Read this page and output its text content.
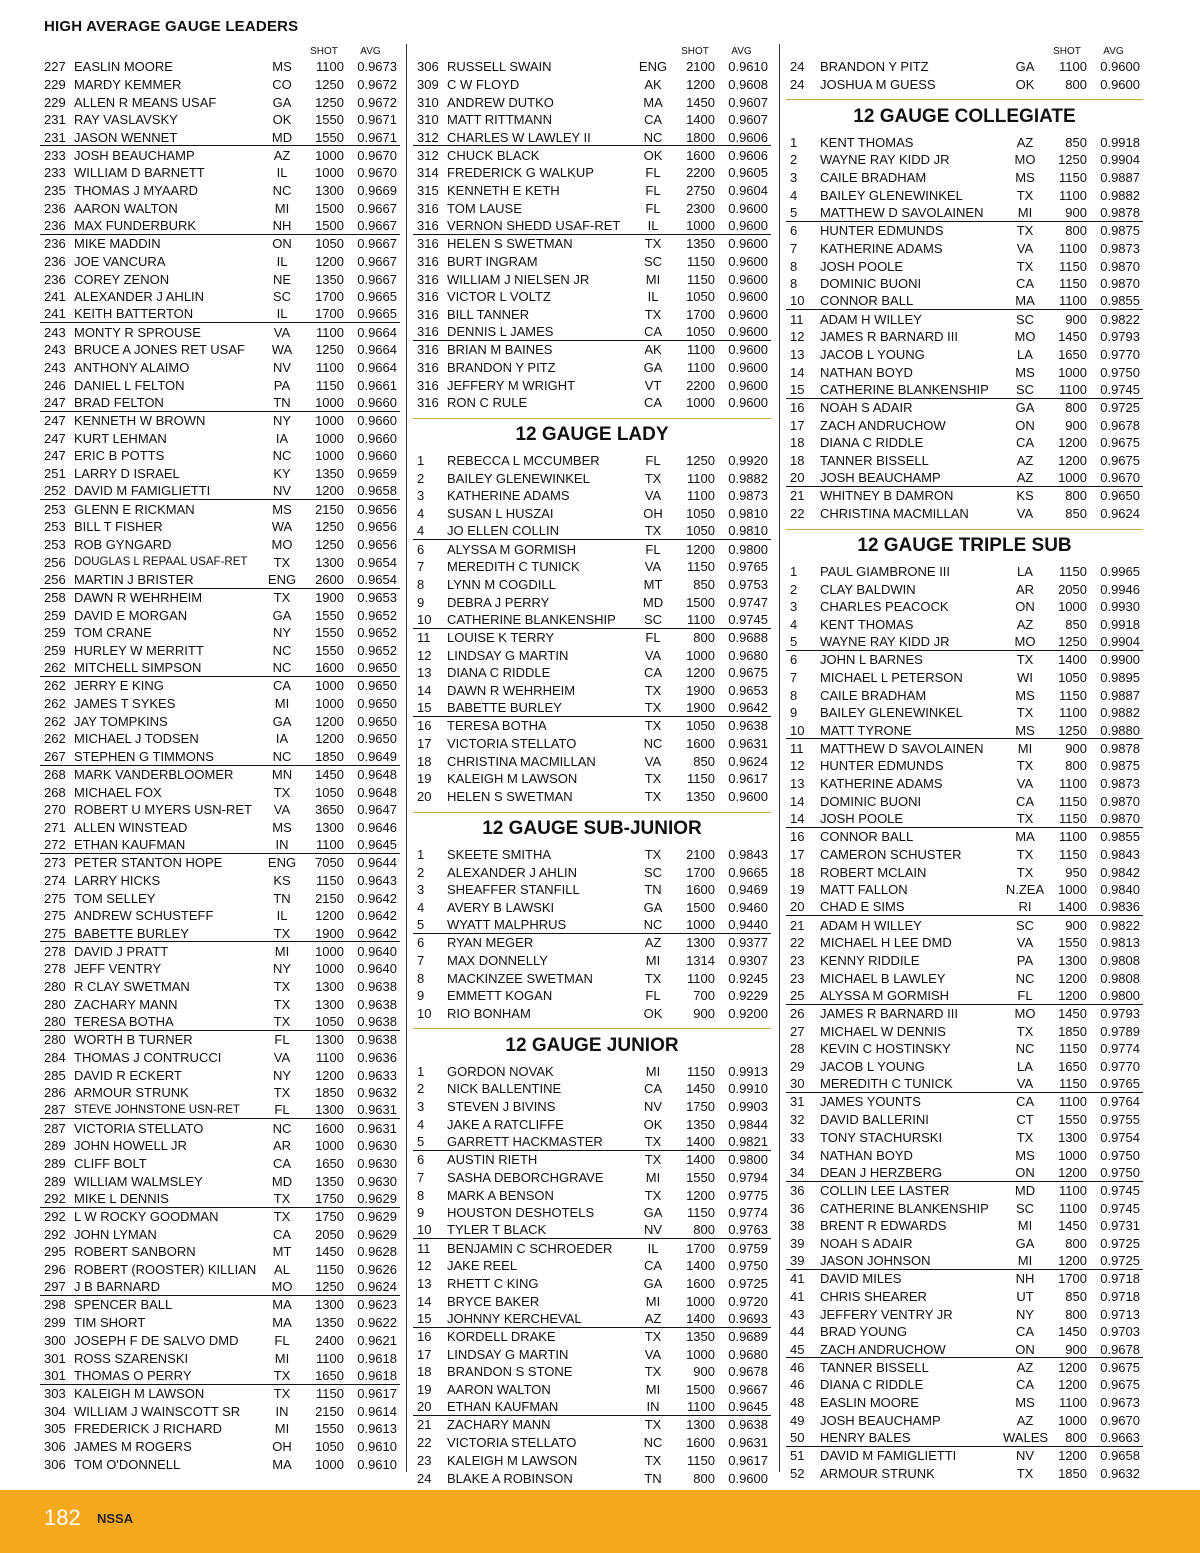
HIGH AVERAGE GAUGE LEADERS
SHOT	AVG
227 EASLIN MOORE	MS	1100	0.9673
229 MARDY KEMMER	CO	1250	0.9672
229 ALLEN R MEANS USAF	GA	1250	0.9672
231 RAY VASLAVSKY	OK	1550	0.9671
231 JASON WENNET	MD	1550	0.9671
233 JOSH BEAUCHAMP	AZ	1000	0.9670
233 WILLIAM D BARNETT	IL	1000	0.9670
235 THOMAS J MYAARD	NC	1300	0.9669
236 AARON WALTON	MI	1500	0.9667
236 MAX FUNDERBURK	NH	1500	0.9667
236 MIKE MADDIN	ON	1050	0.9667
236 JOE VANCURA	IL	1200	0.9667
236 COREY ZENON	NE	1350	0.9667
241 ALEXANDER J AHLIN	SC	1700	0.9665
241 KEITH BATTERTON	IL	1700	0.9665
243 MONTY R SPROUSE	VA	1100	0.9664
243 BRUCE A JONES RET USAF	WA	1250	0.9664
243 ANTHONY ALAIMO	NV	1100	0.9664
246 DANIEL L FELTON	PA	1150	0.9661
247 BRAD FELTON	TN	1000	0.9660
247 KENNETH W BROWN	NY	1000	0.9660
247 KURT LEHMAN	IA	1000	0.9660
247 ERIC B POTTS	NC	1000	0.9660
251 LARRY D ISRAEL	KY	1350	0.9659
252 DAVID M FAMIGLIETTI	NV	1200	0.9658
253 GLENN E RICKMAN	MS	2150	0.9656
253 BILL T FISHER	WA	1250	0.9656
253 ROB GYNGARD	MO	1250	0.9656
256 DOUGLAS L REPAAL USAF-RET	TX	1300	0.9654
256 MARTIN J BRISTER	ENG	2600	0.9654
258 DAWN R WEHRHEIM	TX	1900	0.9653
259 DAVID E MORGAN	GA	1550	0.9652
259 TOM CRANE	NY	1550	0.9652
259 HURLEY W MERRITT	NC	1550	0.9652
262 MITCHELL SIMPSON	NC	1600	0.9650
262 JERRY E KING	CA	1000	0.9650
262 JAMES T SYKES	MI	1000	0.9650
262 JAY TOMPKINS	GA	1200	0.9650
262 MICHAEL J TODSEN	IA	1200	0.9650
267 STEPHEN G TIMMONS	NC	1850	0.9649
268 MARK VANDERBLOOMER	MN	1450	0.9648
268 MICHAEL FOX	TX	1050	0.9648
270 ROBERT U MYERS USN-RET	VA	3650	0.9647
271 ALLEN WINSTEAD	MS	1300	0.9646
272 ETHAN KAUFMAN	IN	1100	0.9645
273 PETER STANTON HOPE	ENG	7050	0.9644
274 LARRY HICKS	KS	1150	0.9643
275 TOM SELLEY	TN	2150	0.9642
275 ANDREW SCHUSTEFF	IL	1200	0.9642
275 BABETTE BURLEY	TX	1900	0.9642
278 DAVID J PRATT	MI	1000	0.9640
278 JEFF VENTRY	NY	1000	0.9640
280 R CLAY SWETMAN	TX	1300	0.9638
280 ZACHARY MANN	TX	1300	0.9638
280 TERESA BOTHA	TX	1050	0.9638
280 WORTH B TURNER	FL	1300	0.9638
284 THOMAS J CONTRUCCI	VA	1100	0.9636
285 DAVID R ECKERT	NY	1200	0.9633
286 ARMOUR STRUNK	TX	1850	0.9632
287 STEVE JOHNSTONE USN-RET	FL	1300	0.9631
287 VICTORIA STELLATO	NC	1600	0.9631
289 JOHN HOWELL JR	AR	1000	0.9630
289 CLIFF BOLT	CA	1650	0.9630
289 WILLIAM WALMSLEY	MD	1350	0.9630
292 MIKE L DENNIS	TX	1750	0.9629
292 L W ROCKY GOODMAN	TX	1750	0.9629
292 JOHN LYMAN	CA	2050	0.9629
295 ROBERT SANBORN	MT	1450	0.9628
296 ROBERT (ROOSTER) KILLIAN	AL	1150	0.9626
297 J B BARNARD	MO	1250	0.9624
298 SPENCER BALL	MA	1300	0.9623
299 TIM SHORT	MA	1350	0.9622
300 JOSEPH F DE SALVO DMD	FL	2400	0.9621
301 ROSS SZARENSKI	MI	1100	0.9618
301 THOMAS O PERRY	TX	1650	0.9618
303 KALEIGH M LAWSON	TX	1150	0.9617
304 WILLIAM J WAINSCOTT SR	IN	2150	0.9614
305 FREDERICK J RICHARD	MI	1550	0.9613
306 JAMES M ROGERS	OH	1050	0.9610
306 TOM O'DONNELL	MA	1000	0.9610
SHOT	AVG
306 RUSSELL SWAIN	ENG	2100	0.9610
309 C W FLOYD	AK	1200	0.9608
310 ANDREW DUTKO	MA	1450	0.9607
310 MATT RITTMANN	CA	1400	0.9607
312 CHARLES W LAWLEY II	NC	1800	0.9606
312 CHUCK BLACK	OK	1600	0.9606
314 FREDERICK G WALKUP	FL	2200	0.9605
315 KENNETH E KETH	FL	2750	0.9604
316 TOM LAUSE	FL	2300	0.9600
316 VERNON SHEDD USAF-RET	IL	1000	0.9600
316 HELEN S SWETMAN	TX	1350	0.9600
316 BURT INGRAM	SC	1150	0.9600
316 WILLIAM J NIELSEN JR	MI	1150	0.9600
316 VICTOR L VOLTZ	IL	1050	0.9600
316 BILL TANNER	TX	1700	0.9600
316 DENNIS L JAMES	CA	1050	0.9600
316 BRIAN M BAINES	AK	1100	0.9600
316 BRANDON Y PITZ	GA	1100	0.9600
316 JEFFERY M WRIGHT	VT	2200	0.9600
316 RON C RULE	CA	1000	0.9600
12 GAUGE LADY
1	REBECCA L MCCUMBER	FL	1250	0.9920
2	BAILEY GLENEWINKEL	TX	1100	0.9882
3	KATHERINE ADAMS	VA	1100	0.9873
4	SUSAN L HUSZAI	OH	1050	0.9810
4	JO ELLEN COLLIN	TX	1050	0.9810
6	ALYSSA M GORMISH	FL	1200	0.9800
7	MEREDITH C TUNICK	VA	1150	0.9765
8	LYNN M COGDILL	MT	850	0.9753
9	DEBRA J PERRY	MD	1500	0.9747
10	CATHERINE BLANKENSHIP	SC	1100	0.9745
11	LOUISE K TERRY	FL	800	0.9688
12	LINDSAY G MARTIN	VA	1000	0.9680
13	DIANA C RIDDLE	CA	1200	0.9675
14	DAWN R WEHRHEIM	TX	1900	0.9653
15	BABETTE BURLEY	TX	1900	0.9642
16	TERESA BOTHA	TX	1050	0.9638
17	VICTORIA STELLATO	NC	1600	0.9631
18	CHRISTINA MACMILLAN	VA	850	0.9624
19	KALEIGH M LAWSON	TX	1150	0.9617
20	HELEN S SWETMAN	TX	1350	0.9600
12 GAUGE SUB-JUNIOR
1	SKEETE SMITHA	TX	2100	0.9843
2	ALEXANDER J AHLIN	SC	1700	0.9665
3	SHEAFFER STANFILL	TN	1600	0.9469
4	AVERY B LAWSKI	GA	1500	0.9460
5	WYATT MALPHRUS	NC	1000	0.9440
6	RYAN MEGER	AZ	1300	0.9377
7	MAX DONNELLY	MI	1314	0.9307
8	MACKINZEE SWETMAN	TX	1100	0.9245
9	EMMETT KOGAN	FL	700	0.9229
10	RIO BONHAM	OK	900	0.9200
12 GAUGE JUNIOR
1	GORDON NOVAK	MI	1150	0.9913
2	NICK BALLENTINE	CA	1450	0.9910
3	STEVEN J BIVINS	NV	1750	0.9903
4	JAKE A RATCLIFFE	OK	1350	0.9844
5	GARRETT HACKMASTER	TX	1400	0.9821
6	AUSTIN RIETH	TX	1400	0.9800
7	SASHA DEBORCHGRAVE	MI	1550	0.9794
8	MARK A BENSON	TX	1200	0.9775
9	HOUSTON DESHOTELS	GA	1150	0.9774
10	TYLER T BLACK	NV	800	0.9763
11	BENJAMIN C SCHROEDER	IL	1700	0.9759
12	JAKE REEL	CA	1400	0.9750
13	RHETT C KING	GA	1600	0.9725
14	BRYCE BAKER	MI	1000	0.9720
15	JOHNNY KERCHEVAL	AZ	1400	0.9693
16	KORDELL DRAKE	TX	1350	0.9689
17	LINDSAY G MARTIN	VA	1000	0.9680
18	BRANDON S STONE	TX	900	0.9678
19	AARON WALTON	MI	1500	0.9667
20	ETHAN KAUFMAN	IN	1100	0.9645
21	ZACHARY MANN	TX	1300	0.9638
22	VICTORIA STELLATO	NC	1600	0.9631
23	KALEIGH M LAWSON	TX	1150	0.9617
24	BLAKE A ROBINSON	TN	800	0.9600
SHOT	AVG
24	BRANDON Y PITZ	GA	1100	0.9600
24	JOSHUA M GUESS	OK	800	0.9600
12 GAUGE COLLEGIATE
1	KENT THOMAS	AZ	850	0.9918
2	WAYNE RAY KIDD JR	MO	1250	0.9904
3	CAILE BRADHAM	MS	1150	0.9887
4	BAILEY GLENEWINKEL	TX	1100	0.9882
5	MATTHEW D SAVOLAINEN	MI	900	0.9878
6	HUNTER EDMUNDS	TX	800	0.9875
7	KATHERINE ADAMS	VA	1100	0.9873
8	JOSH POOLE	TX	1150	0.9870
8	DOMINIC BUONI	CA	1150	0.9870
10	CONNOR BALL	MA	1100	0.9855
11	ADAM H WILLEY	SC	900	0.9822
12	JAMES R BARNARD III	MO	1450	0.9793
13	JACOB L YOUNG	LA	1650	0.9770
14	NATHAN BOYD	MS	1000	0.9750
15	CATHERINE BLANKENSHIP	SC	1100	0.9745
16	NOAH S ADAIR	GA	800	0.9725
17	ZACH ANDRUCHOW	ON	900	0.9678
18	DIANA C RIDDLE	CA	1200	0.9675
18	TANNER BISSELL	AZ	1200	0.9675
20	JOSH BEAUCHAMP	AZ	1000	0.9670
21	WHITNEY B DAMRON	KS	800	0.9650
22	CHRISTINA MACMILLAN	VA	850	0.9624
12 GAUGE TRIPLE SUB
1	PAUL GIAMBRONE III	LA	1150	0.9965
2	CLAY BALDWIN	AR	2050	0.9946
3	CHARLES PEACOCK	ON	1000	0.9930
4	KENT THOMAS	AZ	850	0.9918
5	WAYNE RAY KIDD JR	MO	1250	0.9904
6	JOHN L BARNES	TX	1400	0.9900
7	MICHAEL L PETERSON	WI	1050	0.9895
8	CAILE BRADHAM	MS	1150	0.9887
9	BAILEY GLENEWINKEL	TX	1100	0.9882
10	MATT TYRONE	MS	1250	0.9880
11	MATTHEW D SAVOLAINEN	MI	900	0.9878
12	HUNTER EDMUNDS	TX	800	0.9875
13	KATHERINE ADAMS	VA	1100	0.9873
14	DOMINIC BUONI	CA	1150	0.9870
14	JOSH POOLE	TX	1150	0.9870
16	CONNOR BALL	MA	1100	0.9855
17	CAMERON SCHUSTER	TX	1150	0.9843
18	ROBERT MCLAIN	TX	950	0.9842
19	MATT FALLON	N.ZEA	1000	0.9840
20	CHAD E SIMS	RI	1400	0.9836
21	ADAM H WILLEY	SC	900	0.9822
22	MICHAEL H LEE DMD	VA	1550	0.9813
23	KENNY RIDDILE	PA	1300	0.9808
23	MICHAEL B LAWLEY	NC	1200	0.9808
25	ALYSSA M GORMISH	FL	1200	0.9800
26	JAMES R BARNARD III	MO	1450	0.9793
27	MICHAEL W DENNIS	TX	1850	0.9789
28	KEVIN C HOSTINSKY	NC	1150	0.9774
29	JACOB L YOUNG	LA	1650	0.9770
30	MEREDITH C TUNICK	VA	1150	0.9765
31	JAMES YOUNTS	CA	1100	0.9764
32	DAVID BALLERINI	CT	1550	0.9755
33	TONY STACHURSKI	TX	1300	0.9754
34	NATHAN BOYD	MS	1000	0.9750
34	DEAN J HERZBERG	ON	1200	0.9750
36	COLLIN LEE LASTER	MD	1100	0.9745
36	CATHERINE BLANKENSHIP	SC	1100	0.9745
38	BRENT R EDWARDS	MI	1450	0.9731
39	NOAH S ADAIR	GA	800	0.9725
39	JASON JOHNSON	MI	1200	0.9725
41	DAVID MILES	NH	1700	0.9718
41	CHRIS SHEARER	UT	850	0.9718
43	JEFFERY VENTRY JR	NY	800	0.9713
44	BRAD YOUNG	CA	1450	0.9703
45	ZACH ANDRUCHOW	ON	900	0.9678
46	TANNER BISSELL	AZ	1200	0.9675
46	DIANA C RIDDLE	CA	1200	0.9675
48	EASLIN MOORE	MS	1100	0.9673
49	JOSH BEAUCHAMP	AZ	1000	0.9670
50	HENRY BALES	WALES	800	0.9663
51	DAVID M FAMIGLIETTI	NV	1200	0.9658
52	ARMOUR STRUNK	TX	1850	0.9632
182 NSSA
